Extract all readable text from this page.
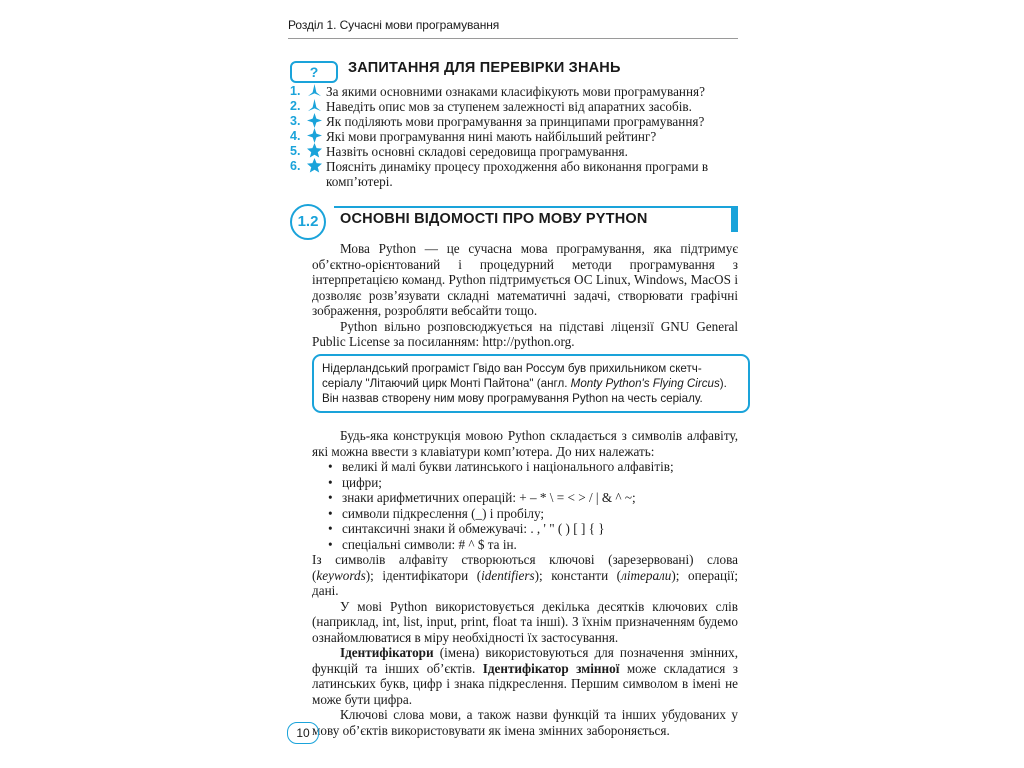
Розділ 1. Сучасні мови програмування
?	ЗАПИТАННЯ ДЛЯ ПЕРЕВІРКИ ЗНАНЬ
1. За якими основними ознаками класифікують мови програмування?
2. Наведіть опис мов за ступенем залежності від апаратних засобів.
3. Як поділяють мови програмування за принципами програмування?
4. Які мови програмування нині мають найбільший рейтинг?
5. Назвіть основні складові середовища програмування.
6. Поясніть динаміку процесу проходження або виконання програми в комп’ютері.
1.2	ОСНОВНІ ВІДОМОСТІ ПРО МОВУ PYTHON

Мова Python — це сучасна мова програмування, яка підтримує об’єктно-орієнтований і процедурний методи програмування з інтерпретацією команд. Python підтримується ОС Linux, Windows, MacOS і дозволяє розв’язувати складні математичні задачі, створювати графічні зображення, розробляти вебсайти тощо.

Python вільно розповсюджується на підставі ліцензії GNU General Public License за посиланням: http://python.org.

Нідерландський програміст Гвідо ван Россум був прихильником скетч-серіалу "Літаючий цирк Монті Пайтона" (англ. Monty Python's Flying Circus). Він назвав створену ним мову програмування Python на честь серіалу.

Будь-яка конструкція мовою Python складається з символів алфавіту, які можна ввести з клавіатури комп’ютера. До них належать:

• великі й малі букви латинського і національного алфавітів;
• цифри;
• знаки арифметичних операцій: + – * \ = < > / | & ^ ~;
• символи підкреслення (_) і пробілу;
• синтаксичні знаки й обмежувачі: . , ' " ( ) [ ] { }
• спеціальні символи: # ^ $ та ін.

Із символів алфавіту створюються ключові (зарезервовані) слова (keywords); ідентифікатори (identifiers); константи (літерали); операції; дані.

У мові Python використовується декілька десятків ключових слів (наприклад, int, list, input, print, float та інші). З їхнім призначенням будемо ознайомлюватися в міру необхідності їх застосування.

Ідентифікатори (імена) використовуються для позначення змінних, функцій та інших об’єктів. Ідентифікатор змінної може складатися з латинських букв, цифр і знака підкреслення. Першим символом в імені не може бути цифра.

Ключові слова мови, а також назви функцій та інших убудованих у мову об’єктів використовувати як імена змінних забороняється.

10
